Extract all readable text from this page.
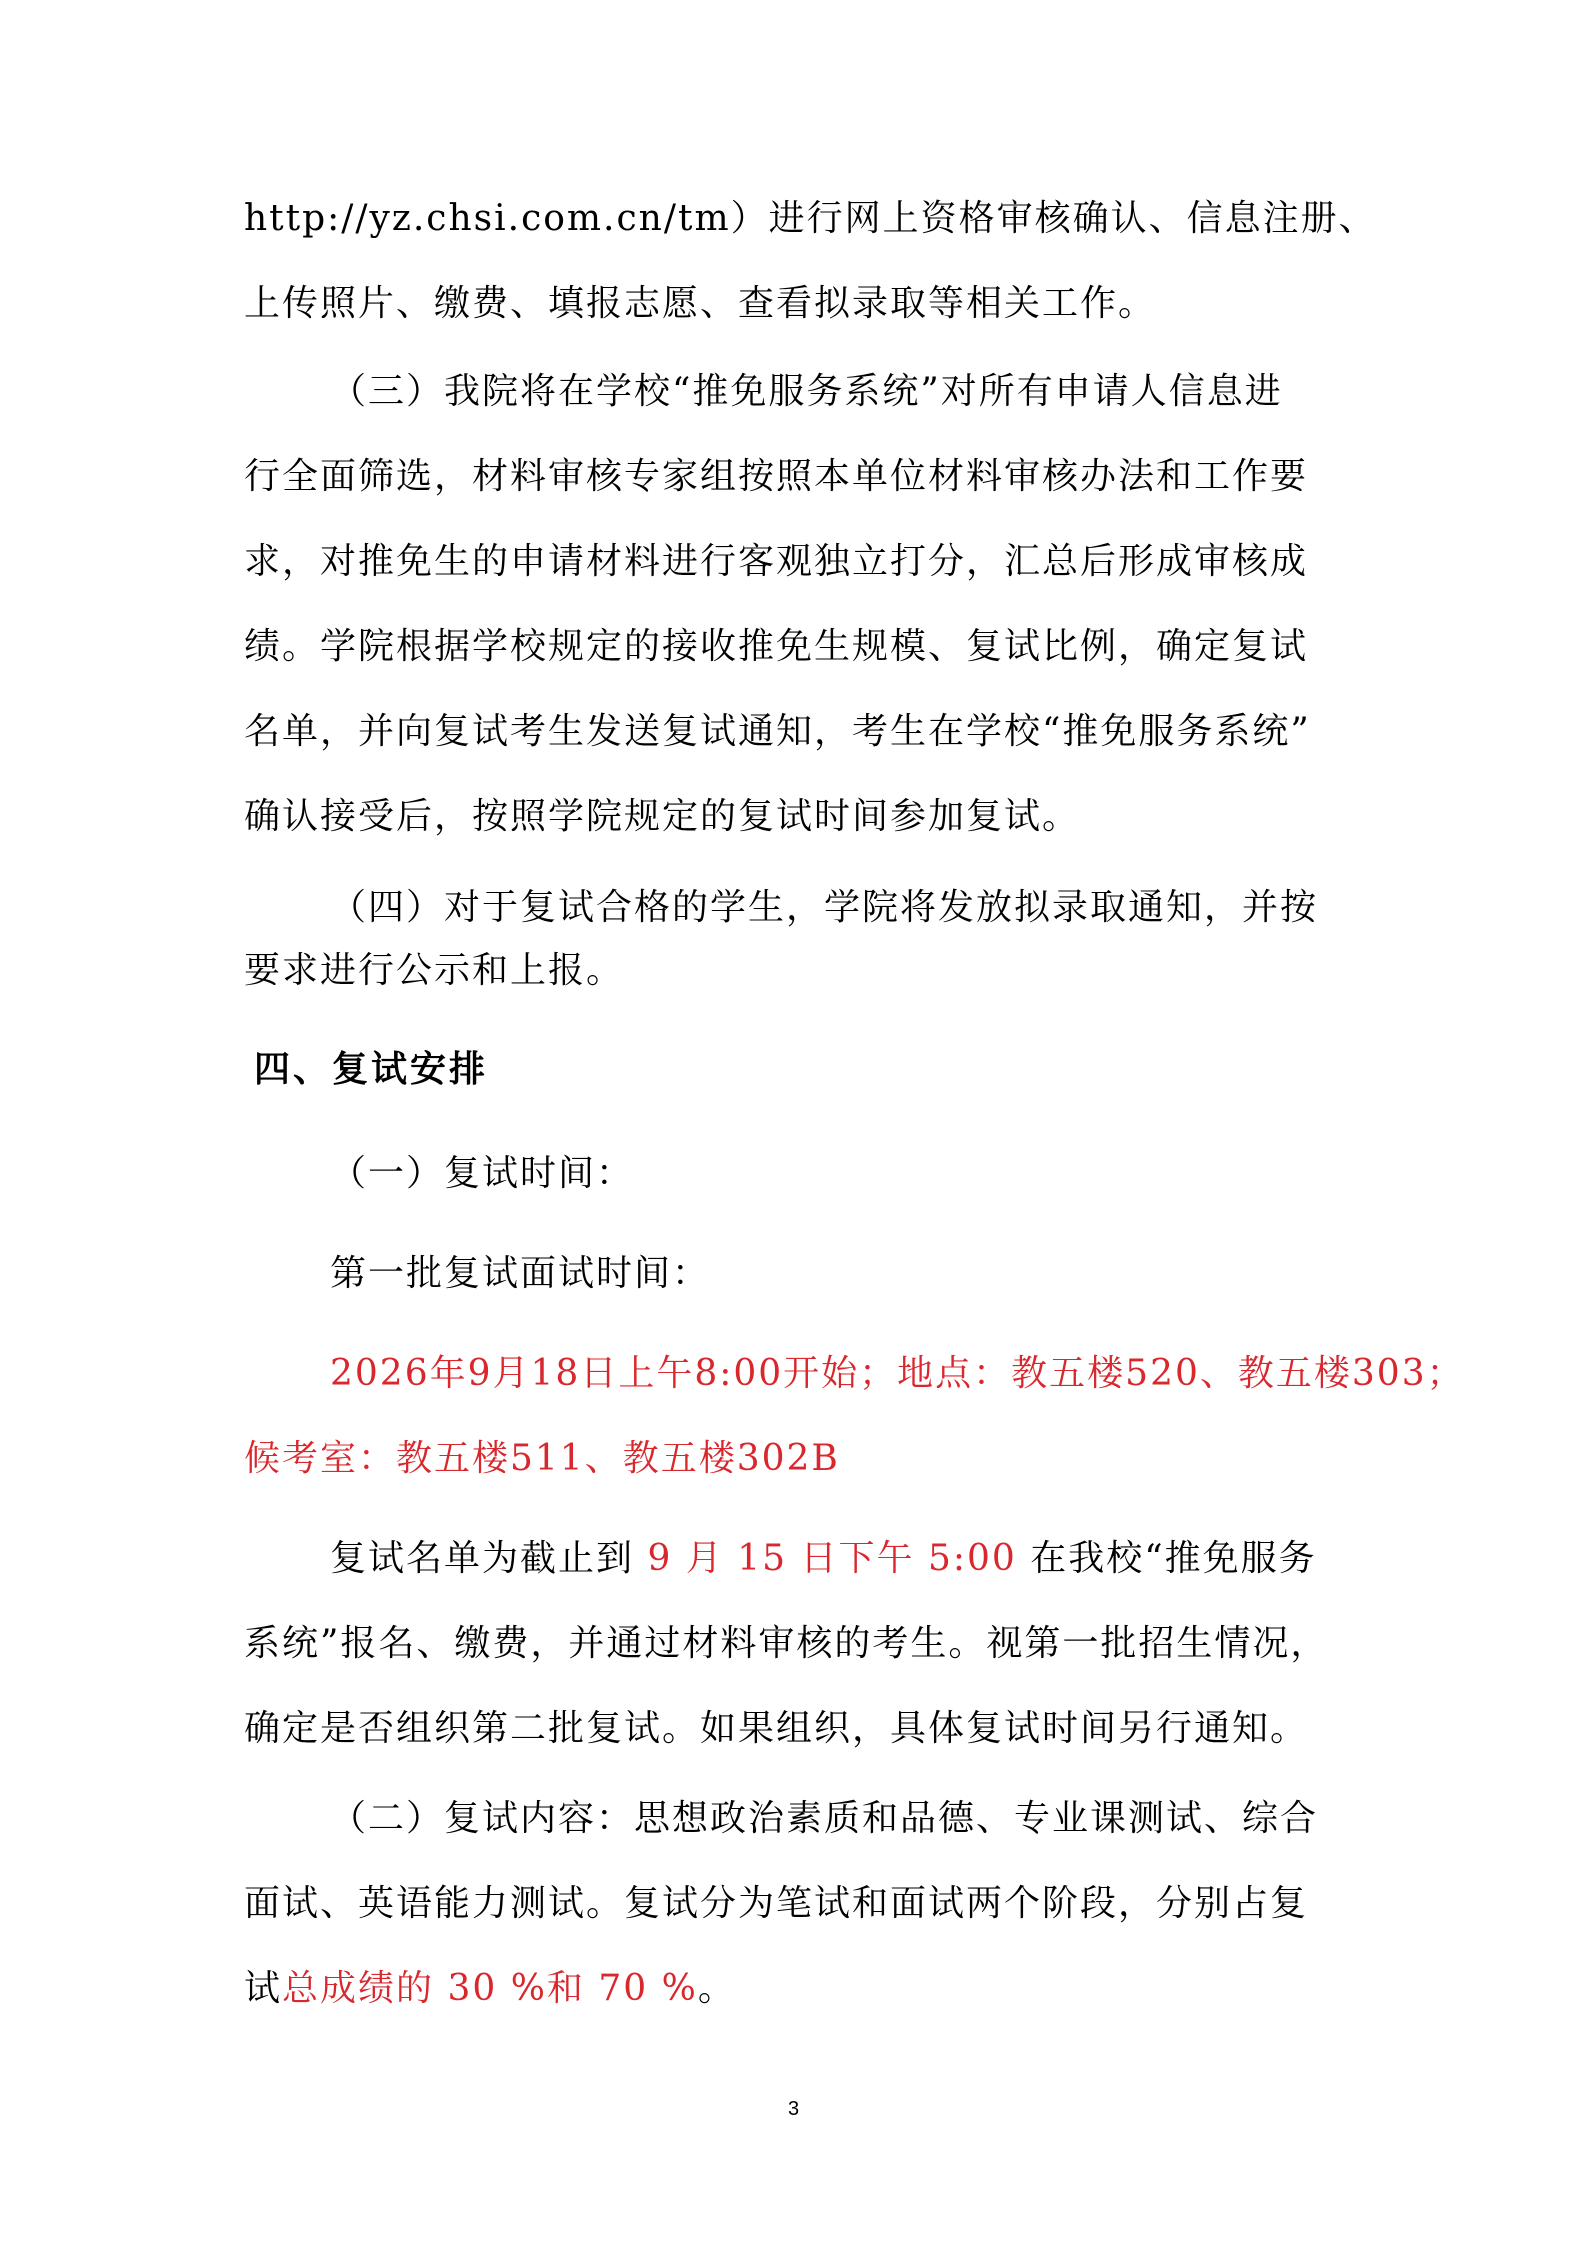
http://yz.chsi.com.cn/tm）进行网上资格审核确认、信息注册、

上传照片、缴费、填报志愿、查看拟录取等相关工作。

（三）我院将在学校“推免服务系统”对所有申请人信息进

行全面筛选，材料审核专家组按照本单位材料审核办法和工作要

求，对推免生的申请材料进行客观独立打分，汇总后形成审核成

绩。学院根据学校规定的接收推免生规模、复试比例，确定复试

名单，并向复试考生发送复试通知，考生在学校“推免服务系统”

确认接受后，按照学院规定的复试时间参加复试。

（四）对于复试合格的学生，学院将发放拟录取通知，并按

要求进行公示和上报。

四、复试安排

（一）复试时间：

第一批复试面试时间：

2026年9月18日上午8:00开始；地点：教五楼520、教五楼303；

候考室：教五楼511、教五楼302B

复试名单为截止到 9 月 15 日下午 5:00 在我校“推免服务

系统”报名、缴费，并通过材料审核的考生。视第一批招生情况，

确定是否组织第二批复试。如果组织，具体复试时间另行通知。

（二）复试内容：思想政治素质和品德、专业课测试、综合

面试、英语能力测试。复试分为笔试和面试两个阶段，分别占复

试总成绩的 30 %和 70 %。

3
